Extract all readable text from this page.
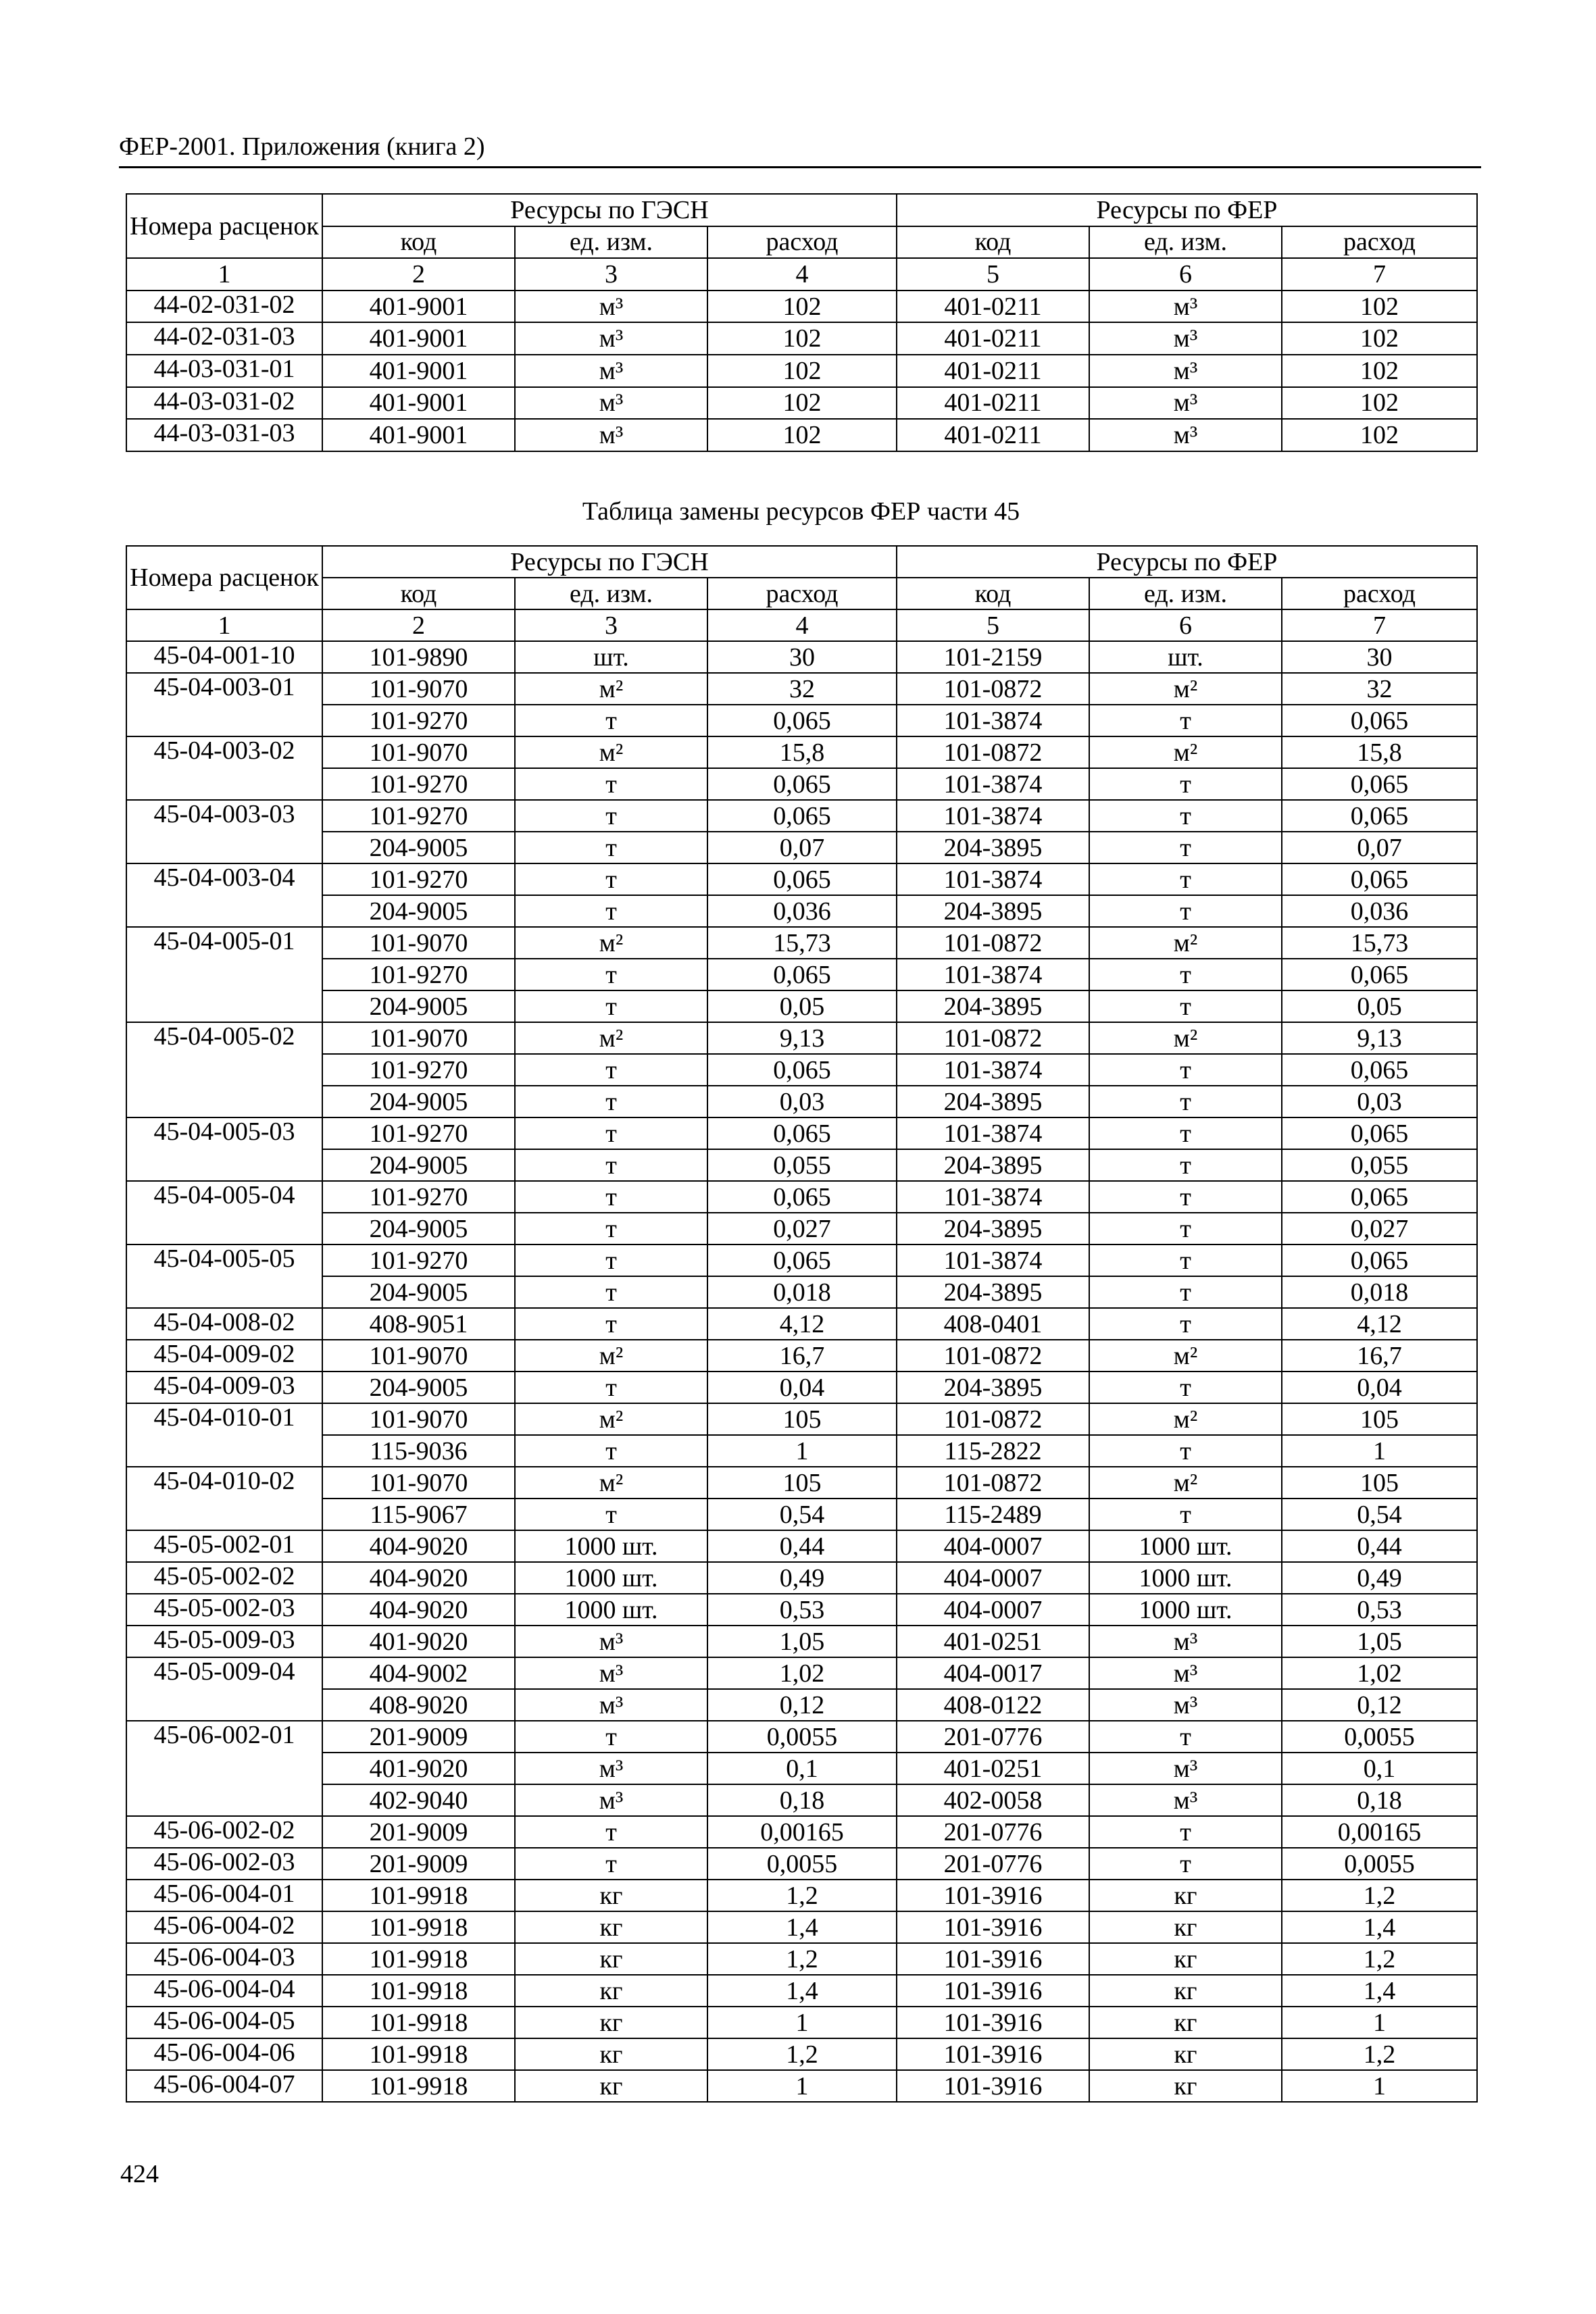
ФЕР-2001. Приложения (книга 2)
Номера расценок	Ресурсы по ГЭСН			Ресурсы по ФЕР		
	код	ед. изм.	расход	код	ед. изм.	расход
1	2	3	4	5	6	7
44-02-031-02	401-9001	м³	102	401-0211	м³	102
44-02-031-03	401-9001	м³	102	401-0211	м³	102
44-03-031-01	401-9001	м³	102	401-0211	м³	102
44-03-031-02	401-9001	м³	102	401-0211	м³	102
44-03-031-03	401-9001	м³	102	401-0211	м³	102
Таблица замены ресурсов ФЕР части 45
Номера расценок	Ресурсы по ГЭСН			Ресурсы по ФЕР		
	код	ед. изм.	расход	код	ед. изм.	расход
1	2	3	4	5	6	7
45-04-001-10	101-9890	шт.	30	101-2159	шт.	30
45-04-003-01	101-9070	м²	32	101-0872	м²	32
	101-9270	т	0,065	101-3874	т	0,065
45-04-003-02	101-9070	м²	15,8	101-0872	м²	15,8
	101-9270	т	0,065	101-3874	т	0,065
45-04-003-03	101-9270	т	0,065	101-3874	т	0,065
	204-9005	т	0,07	204-3895	т	0,07
45-04-003-04	101-9270	т	0,065	101-3874	т	0,065
	204-9005	т	0,036	204-3895	т	0,036
45-04-005-01	101-9070	м²	15,73	101-0872	м²	15,73
	101-9270	т	0,065	101-3874	т	0,065
	204-9005	т	0,05	204-3895	т	0,05
45-04-005-02	101-9070	м²	9,13	101-0872	м²	9,13
	101-9270	т	0,065	101-3874	т	0,065
	204-9005	т	0,03	204-3895	т	0,03
45-04-005-03	101-9270	т	0,065	101-3874	т	0,065
	204-9005	т	0,055	204-3895	т	0,055
45-04-005-04	101-9270	т	0,065	101-3874	т	0,065
	204-9005	т	0,027	204-3895	т	0,027
45-04-005-05	101-9270	т	0,065	101-3874	т	0,065
	204-9005	т	0,018	204-3895	т	0,018
45-04-008-02	408-9051	т	4,12	408-0401	т	4,12
45-04-009-02	101-9070	м²	16,7	101-0872	м²	16,7
45-04-009-03	204-9005	т	0,04	204-3895	т	0,04
45-04-010-01	101-9070	м²	105	101-0872	м²	105
	115-9036	т	1	115-2822	т	1
45-04-010-02	101-9070	м²	105	101-0872	м²	105
	115-9067	т	0,54	115-2489	т	0,54
45-05-002-01	404-9020	1000 шт.	0,44	404-0007	1000 шт.	0,44
45-05-002-02	404-9020	1000 шт.	0,49	404-0007	1000 шт.	0,49
45-05-002-03	404-9020	1000 шт.	0,53	404-0007	1000 шт.	0,53
45-05-009-03	401-9020	м³	1,05	401-0251	м³	1,05
45-05-009-04	404-9002	м³	1,02	404-0017	м³	1,02
	408-9020	м³	0,12	408-0122	м³	0,12
45-06-002-01	201-9009	т	0,0055	201-0776	т	0,0055
	401-9020	м³	0,1	401-0251	м³	0,1
	402-9040	м³	0,18	402-0058	м³	0,18
45-06-002-02	201-9009	т	0,00165	201-0776	т	0,00165
45-06-002-03	201-9009	т	0,0055	201-0776	т	0,0055
45-06-004-01	101-9918	кг	1,2	101-3916	кг	1,2
45-06-004-02	101-9918	кг	1,4	101-3916	кг	1,4
45-06-004-03	101-9918	кг	1,2	101-3916	кг	1,2
45-06-004-04	101-9918	кг	1,4	101-3916	кг	1,4
45-06-004-05	101-9918	кг	1	101-3916	кг	1
45-06-004-06	101-9918	кг	1,2	101-3916	кг	1,2
45-06-004-07	101-9918	кг	1	101-3916	кг	1
424
